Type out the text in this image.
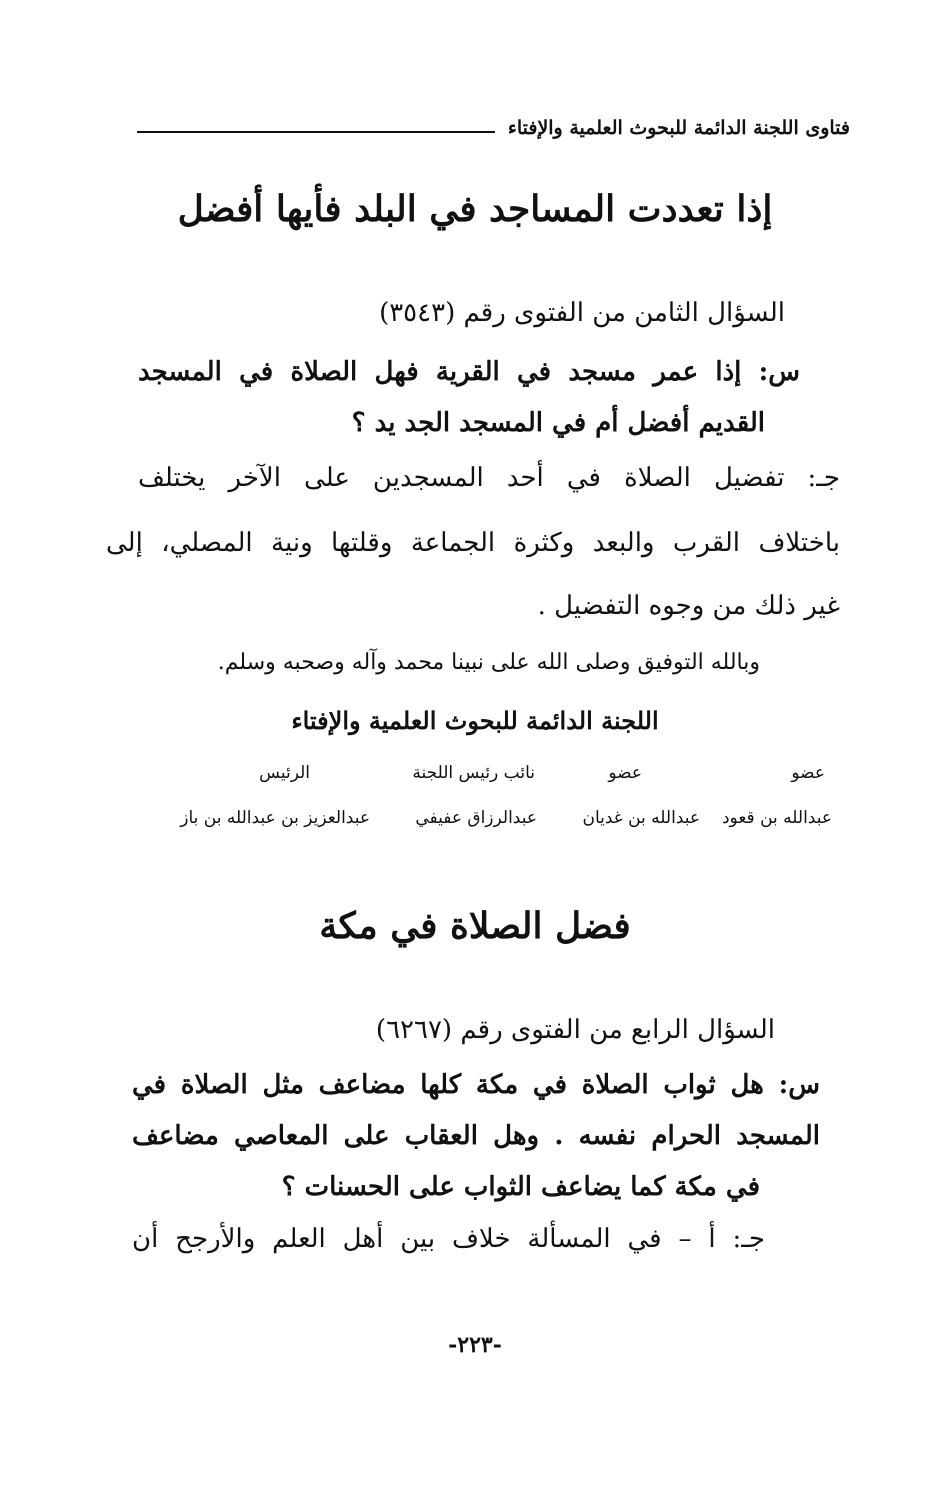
فتاوى اللجنة الدائمة للبحوث العلمية والإفتاء
إذا تعددت المساجد في البلد فأيها أفضل
السؤال الثامن من الفتوى رقم (٣٥٤٣)
س: إذا عمر مسجد في القرية فهل الصلاة في المسجد
القديم أفضل أم في المسجد الجد يد ؟
جـ: تفضيل الصلاة في أحد المسجدين على الآخر يختلف
باختلاف القرب والبعد وكثرة الجماعة وقلتها ونية المصلي، إلى
غير ذلك من وجوه التفضيل .
وبالله التوفيق وصلى الله على نبينا محمد وآله وصحبه وسلم.
اللجنة الدائمة للبحوث العلمية والإفتاء
عضو
عضو
نائب رئيس اللجنة
الرئيس
عبدالله بن قعود
عبدالله بن غديان
عبدالرزاق عفيفي
عبدالعزيز بن عبدالله بن باز
فضل الصلاة في مكة
السؤال الرابع من الفتوى رقم (٦٢٦٧)
س: هل ثواب الصلاة في مكة كلها مضاعف مثل الصلاة في
المسجد الحرام نفسه . وهل العقاب على المعاصي مضاعف
في مكة كما يضاعف الثواب على الحسنات ؟
جـ: أ – في المسألة خلاف بين أهل العلم والأرجح أن
-٢٢٣-
